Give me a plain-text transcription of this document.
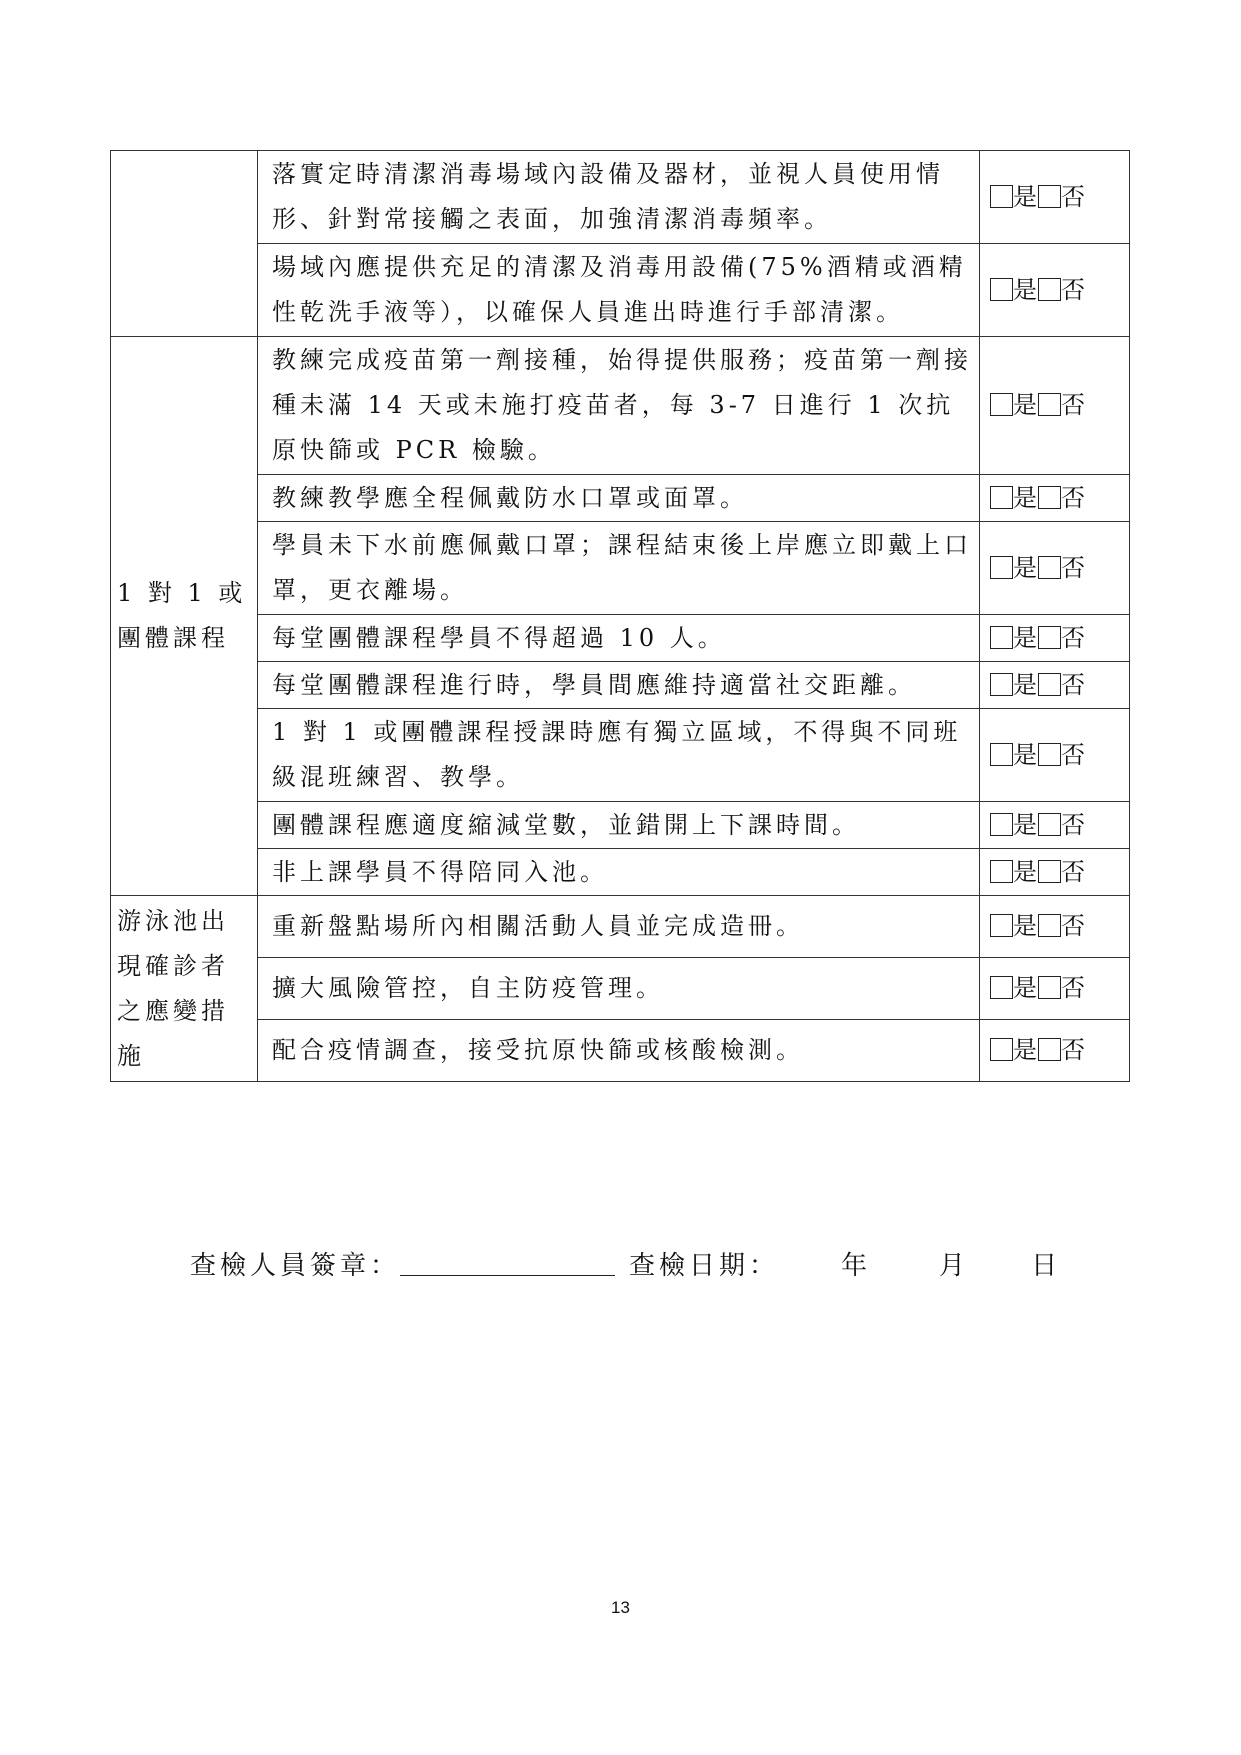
	落實定時清潔消毒場域內設備及器材，並視人員使用情形、針對常接觸之表面，加強清潔消毒頻率。	是 否
	場域內應提供充足的清潔及消毒用設備(75%酒精或酒精性乾洗手液等），以確保人員進出時進行手部清潔。	是 否
1 對 1 或團體課程	教練完成疫苗第一劑接種，始得提供服務；疫苗第一劑接種未滿 14 天或未施打疫苗者，每 3-7 日進行 1 次抗原快篩或 PCR 檢驗。	是 否
	教練教學應全程佩戴防水口罩或面罩。	是 否
	學員未下水前應佩戴口罩；課程結束後上岸應立即戴上口罩，更衣離場。	是 否
	每堂團體課程學員不得超過 10 人。	是 否
	每堂團體課程進行時，學員間應維持適當社交距離。	是 否
	1 對 1 或團體課程授課時應有獨立區域，不得與不同班級混班練習、教學。	是 否
	團體課程應適度縮減堂數，並錯開上下課時間。	是 否
	非上課學員不得陪同入池。	是 否
游泳池出現確診者之應變措施	重新盤點場所內相關活動人員並完成造冊。	是 否
	擴大風險管控，自主防疫管理。	是 否
	配合疫情調查，接受抗原快篩或核酸檢測。	是 否
查檢人員簽章：	查檢日期： 年	月 日
13
